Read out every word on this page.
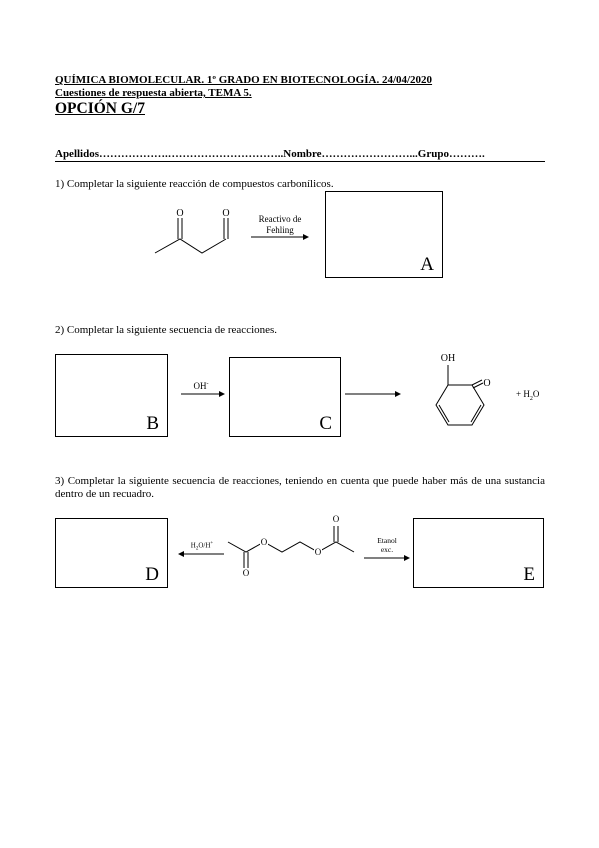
QUÍMICA BIOMOLECULAR. 1º GRADO EN BIOTECNOLOGÍA. 24/04/2020
Cuestiones de respuesta abierta, TEMA 5.
OPCIÓN G/7
Apellidos……………….…………………………..Nombre……………………...Grupo……….
1) Completar la siguiente reacción de compuestos carbonílicos.
O	O	Reactivo de
Fehling
A
2) Completar la siguiente secuencia de reacciones.
B
OH-
C
OH
O
+ $H_2O$
3) Completar la siguiente secuencia de reacciones, teniendo en cuenta que puede haber más de una sustancia dentro de un recuadro.
D
$H_2O/H^+$	O
O
O
O
Etanol
exc.
E
